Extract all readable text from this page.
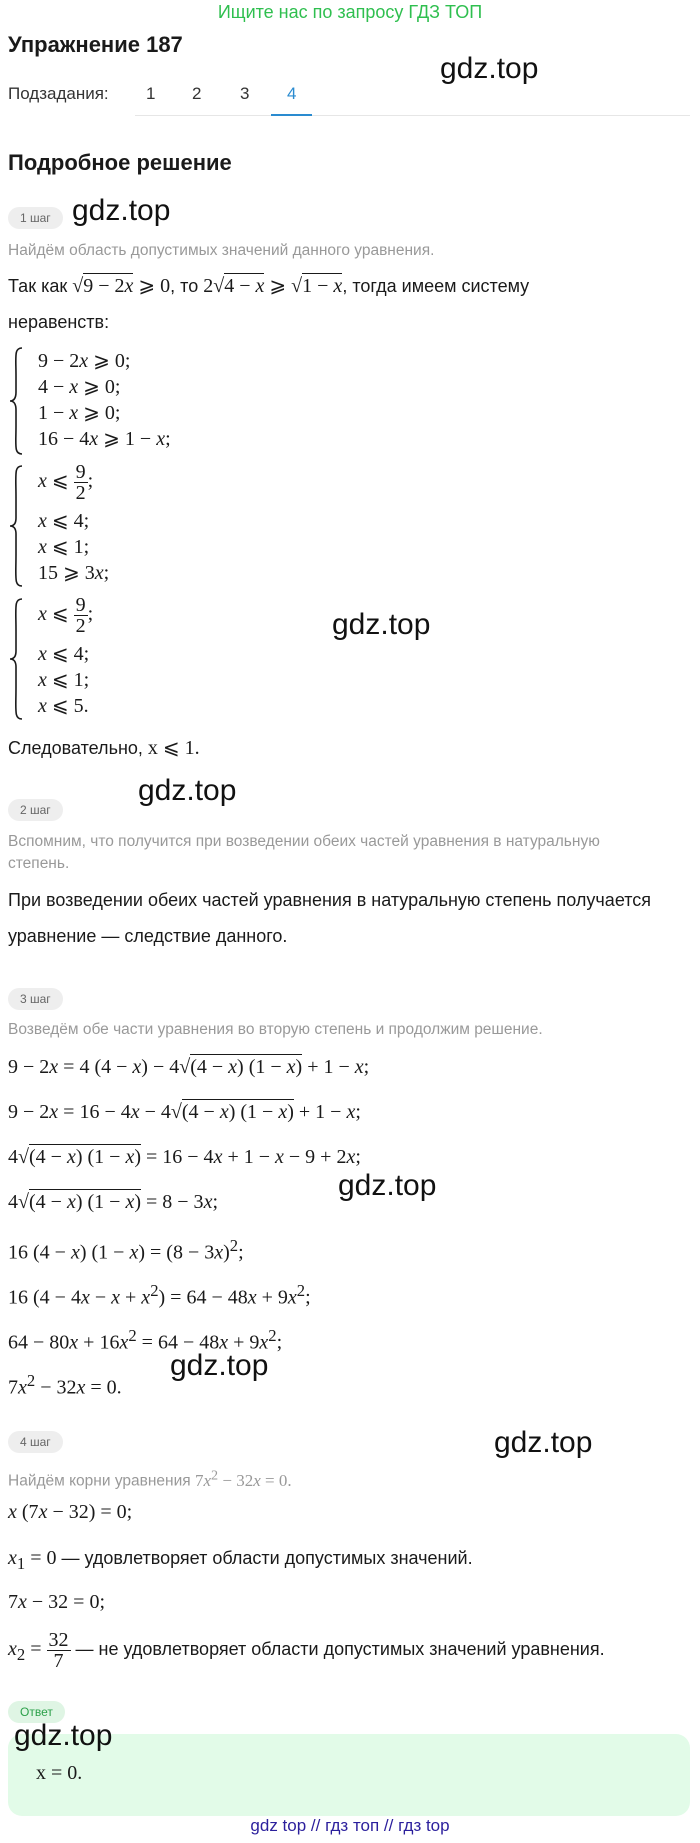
Ищите нас по запросу ГДЗ ТОП
Упражнение 187
gdz.top
Подзадания: 1 2 3 4
Подробное решение
1 шаг gdz.top
Найдём область допустимых значений данного уравнения.
Так как √9 − 2x ⩾ 0, то 2√4 − x ⩾ √1 − x, тогда имеем систему
неравенств:
9 − 2x ⩾ 0;
4 − x ⩾ 0;
1 − x ⩾ 0;
16 − 4x ⩾ 1 − x;
x ⩽ $\frac{9}{2}$ ;
x ⩽ 4;
x ⩽ 1;
15 ⩾ 3x;
x ⩽ $\frac{9}{2}$ ;
x ⩽ 4;
x ⩽ 1;
x ⩽ 5.
gdz.top
Следовательно, x ⩽ 1.
gdz.top
2 шаг
Вспомним, что получится при возведении обеих частей уравнения в натуральную степень.
При возведении обеих частей уравнения в натуральную степень получается
уравнение — следствие данного.
3 шаг
Возведём обе части уравнения во вторую степень и продолжим решение.
9 − 2x = 4 (4 − x) − 4√(4 − x) (1 − x) + 1 − x;
9 − 2x = 16 − 4x − 4√(4 − x) (1 − x) + 1 − x;
4√(4 − x) (1 − x) = 16 − 4x + 1 − x − 9 + 2x;
4√(4 − x) (1 − x) = 8 − 3x;	gdz.top
16 (4 − x) $(1 - x) = (8 - 3x)^2$;
16 $(4 - 4x - x + x^2) = 64 - 48x + 9x^2$;
$64 - 80x + 16x^2 = 64 - 48x + 9x^2$;
$7x^2 - 32x = 0$.
gdz.top
4 шаг	gdz.top
Найдём корни уравнения $7x^2 - 32x = 0$.
x (7x − 32) = 0;
$x_1 = 0$ — удовлетворяет области допустимых значений.
7x − 32 = 0;
$x_2 = \frac{32}{7}$ — не удовлетворяет области допустимых значений уравнения.
Ответ
gdz.top
x = 0.
gdz top // гдз топ // гдз top
